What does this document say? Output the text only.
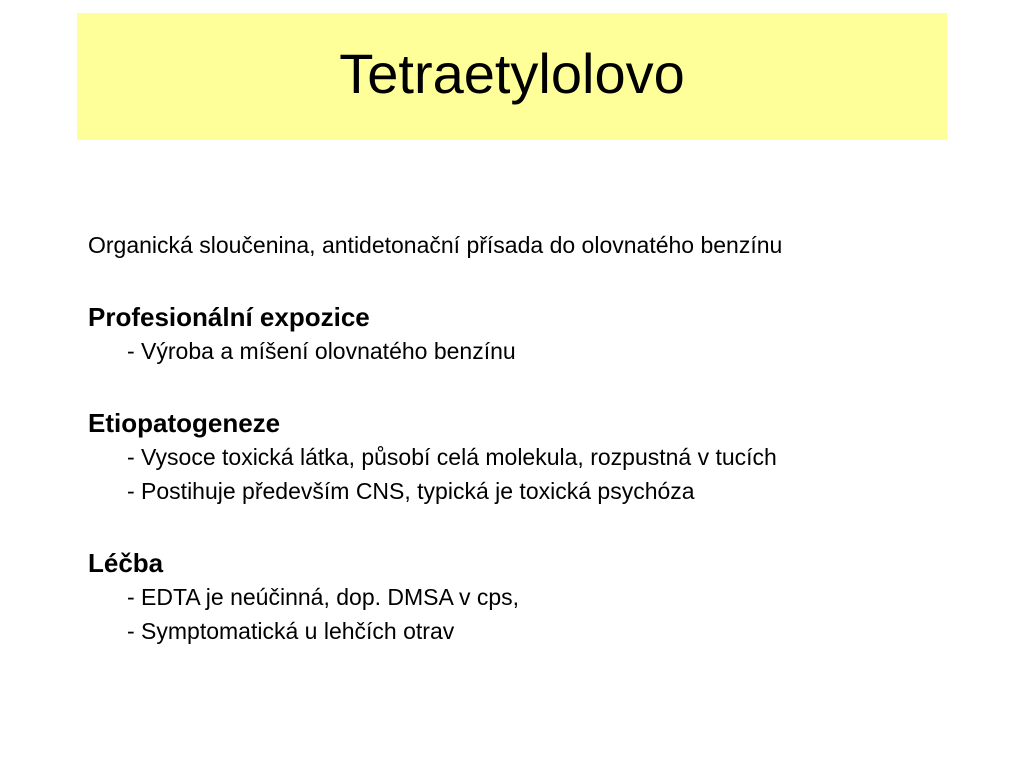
Tetraetylolovo

Organická sloučenina, antidetonační přísada do olovnatého benzínu

Profesionální expozice

- Výroba a míšení olovnatého benzínu

Etiopatogeneze

- Vysoce toxická látka, působí celá molekula, rozpustná v tucích

- Postihuje především CNS, typická je toxická psychóza

Léčba

- EDTA je neúčinná, dop. DMSA v cps,

- Symptomatická u lehčích otrav
